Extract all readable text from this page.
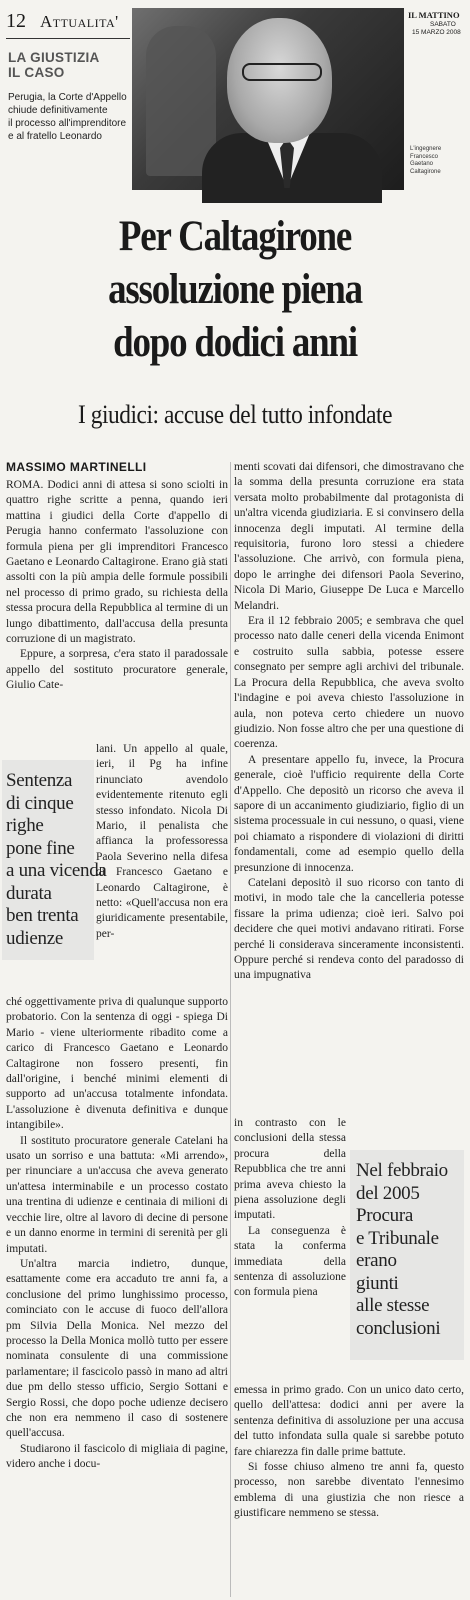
12 Attualita'
LA GIUSTIZIA
IL CASO
Perugia, la Corte d'Appello
chiude definitivamente
il processo all'imprenditore
e al fratello Leonardo
IL MATTINO
SABATO
15 MARZO 2008
L'ingegnere
Francesco
Gaetano
Caltagirone
Per Caltagirone
assoluzione piena
dopo dodici anni
I giudici: accuse del tutto infondate
MASSIMO MARTINELLI

ROMA. Dodici anni di attesa si sono sciolti in quattro righe scritte a penna, quando ieri mattina i giudici della Corte d'appello di Perugia hanno confermato l'assoluzione con formula piena per gli imprenditori Francesco Gaetano e Leonardo Caltagirone. Erano già stati assolti con la più ampia delle formule possibili nel processo di primo grado, su richiesta della stessa procura della Repubblica al termine di un lungo dibattimento, dall'accusa della presunta corruzione di un magistrato.

Eppure, a sorpresa, c'era stato il paradossale appello del sostituto procuratore generale, Giulio Cate-

Sentenza
di cinque
righe
pone fine
a una vicenda
durata
ben trenta
udienze

lani. Un appello al quale, ieri, il Pg ha infine rinunciato avendolo evidentemente ritenuto egli stesso infondato. Nicola Di Mario, il penalista che affianca la professoressa Paola Severino nella difesa di Francesco Gaetano e Leonardo Caltagirone, è netto: «Quell'accusa non era giuridicamente presentabile, per-

ché oggettivamente priva di qualunque supporto probatorio. Con la sentenza di oggi - spiega Di Mario - viene ulteriormente ribadito come a carico di Francesco Gaetano e Leonardo Caltagirone non fossero presenti, fin dall'origine, i benché minimi elementi di supporto ad un'accusa totalmente infondata. L'assoluzione è divenuta definitiva e dunque intangibile».

Il sostituto procuratore generale Catelani ha usato un sorriso e una battuta: «Mi arrendo», per rinunciare a un'accusa che aveva generato un'attesa interminabile e un processo costato una trentina di udienze e centinaia di milioni di vecchie lire, oltre al lavoro di decine di persone e un danno enorme in termini di serenità per gli imputati.

Un'altra marcia indietro, dunque, esattamente come era accaduto tre anni fa, a conclusione del primo lunghissimo processo, cominciato con le accuse di fuoco dell'allora pm Silvia Della Monica. Nel mezzo del processo la Della Monica mollò tutto per essere nominata consulente di una commissione parlamentare; il fascicolo passò in mano ad altri due pm dello stesso ufficio, Sergio Sottani e Sergio Rossi, che dopo poche udienze decisero che non era nemmeno il caso di sostenere quell'accusa.

Studiarono il fascicolo di migliaia di pagine, videro anche i docu-

menti scovati dai difensori, che dimostravano che la somma della presunta corruzione era stata versata molto probabilmente dal protagonista di un'altra vicenda giudiziaria. E si convinsero della innocenza degli imputati. Al termine della requisitoria, furono loro stessi a chiedere l'assoluzione. Che arrivò, con formula piena, dopo le arringhe dei difensori Paola Severino, Nicola Di Mario, Giuseppe De Luca e Marcello Melandri.

Era il 12 febbraio 2005; e sembrava che quel processo nato dalle ceneri della vicenda Enimont e costruito sulla sabbia, potesse essere consegnato per sempre agli archivi del tribunale. La Procura della Repubblica, che aveva svolto l'indagine e poi aveva chiesto l'assoluzione in aula, non poteva certo chiedere un nuovo giudizio. Non fosse altro che per una questione di coerenza.

A presentare appello fu, invece, la Procura generale, cioè l'ufficio requirente della Corte d'Appello. Che depositò un ricorso che aveva il sapore di un accanimento giudiziario, figlio di un sistema processuale in cui nessuno, o quasi, viene poi chiamato a rispondere di violazioni di diritti fondamentali, come ad esempio quello della presunzione di innocenza.

Catelani depositò il suo ricorso con tanto di motivi, in modo tale che la cancelleria potesse fissare la prima udienza; cioè ieri. Salvo poi decidere che quei motivi andavano ritirati. Forse perché li considerava sinceramente inconsistenti. Oppure perché si rendeva conto del paradosso di una impugnativa

in contrasto con le conclusioni della stessa procura della Repubblica che tre anni prima aveva chiesto la piena assoluzione degli imputati.

La conseguenza è stata la conferma immediata della sentenza di assoluzione con formula piena

Nel febbraio
del 2005
Procura
e Tribunale
erano
giunti
alle stesse
conclusioni

emessa in primo grado. Con un unico dato certo, quello dell'attesa: dodici anni per avere la sentenza definitiva di assoluzione per una accusa del tutto infondata sulla quale si sarebbe potuto fare chiarezza fin dalle prime battute.

Si fosse chiuso almeno tre anni fa, questo processo, non sarebbe diventato l'ennesimo emblema di una giustizia che non riesce a giustificare nemmeno se stessa.
